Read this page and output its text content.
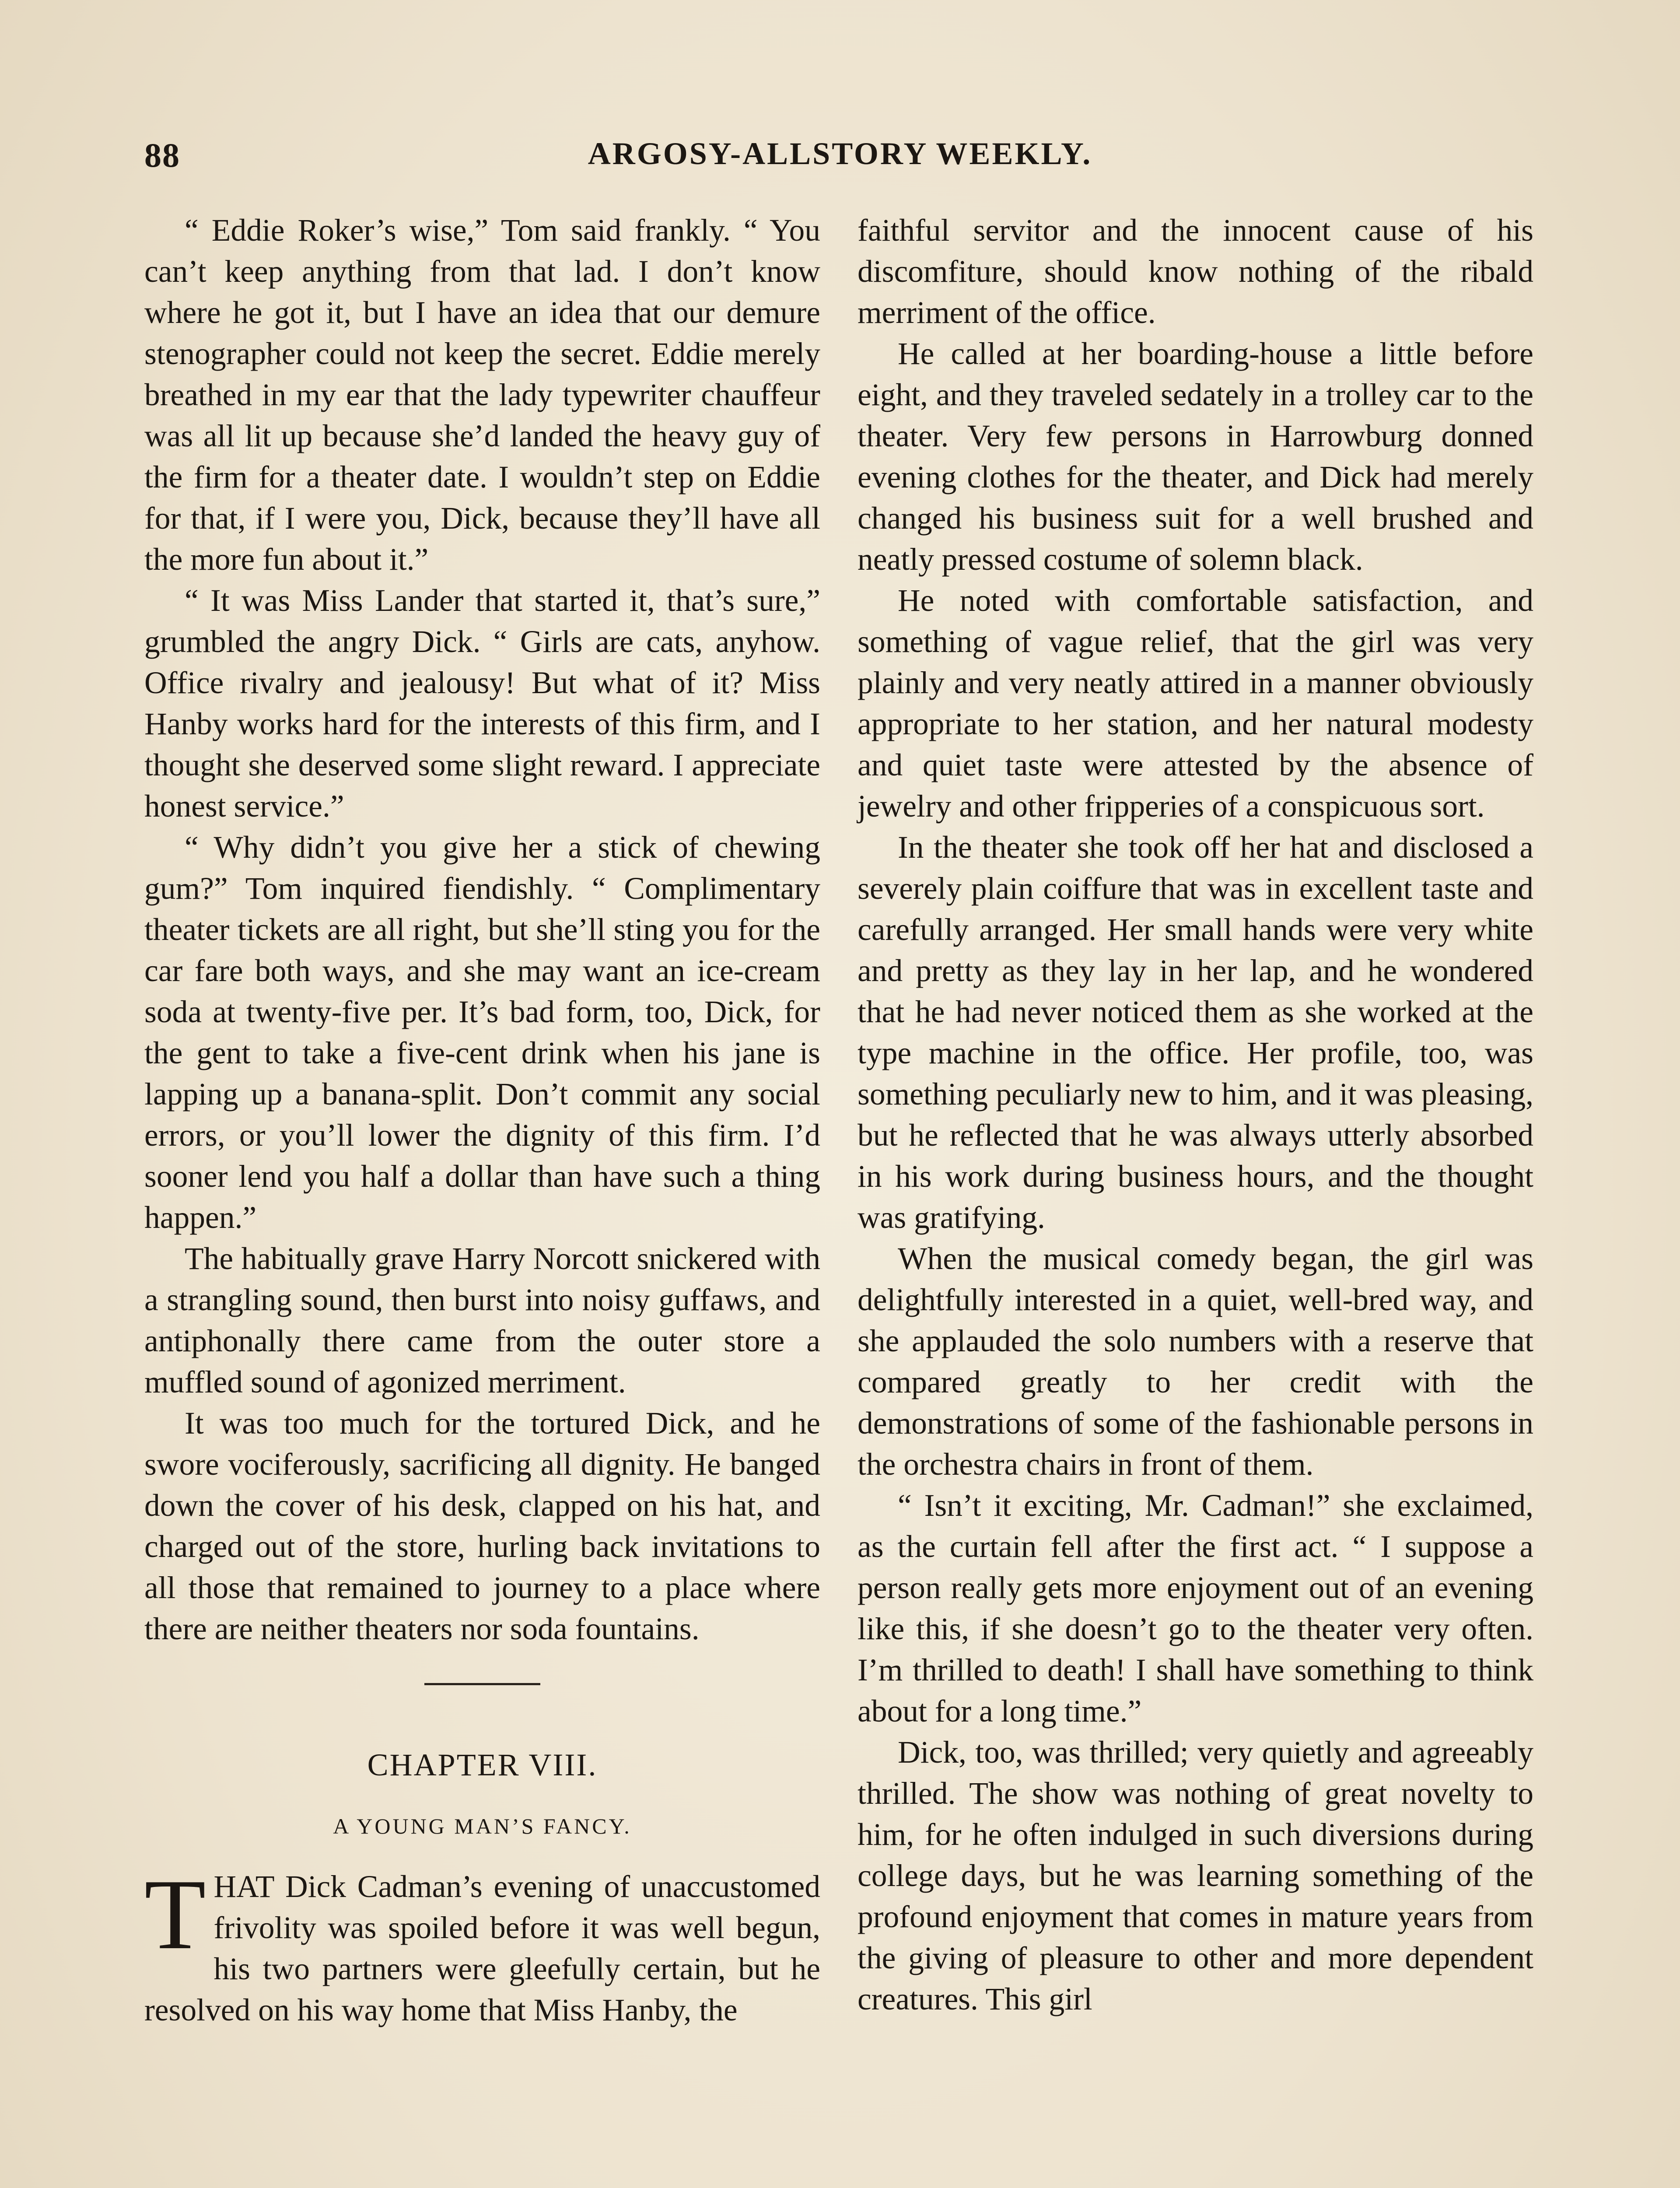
88	ARGOSY-ALLSTORY WEEKLY.

“ Eddie Roker’s wise,” Tom said frankly. “ You can’t keep anything from that lad. I don’t know where he got it, but I have an idea that our demure stenographer could not keep the secret. Eddie merely breathed in my ear that the lady typewriter chauffeur was all lit up because she’d landed the heavy guy of the firm for a theater date. I wouldn’t step on Eddie for that, if I were you, Dick, because they’ll have all the more fun about it.”

“ It was Miss Lander that started it, that’s sure,” grumbled the angry Dick. “ Girls are cats, anyhow. Office rivalry and jealousy! But what of it? Miss Hanby works hard for the interests of this firm, and I thought she deserved some slight reward. I appreciate honest service.”

“ Why didn’t you give her a stick of chewing gum?” Tom inquired fiendishly. “ Complimentary theater tickets are all right, but she’ll sting you for the car fare both ways, and she may want an ice-cream soda at twenty-five per. It’s bad form, too, Dick, for the gent to take a five-cent drink when his jane is lapping up a banana-split. Don’t commit any social errors, or you’ll lower the dignity of this firm. I’d sooner lend you half a dollar than have such a thing happen.”

The habitually grave Harry Norcott snickered with a strangling sound, then burst into noisy guffaws, and antiphonally there came from the outer store a muffled sound of agonized merriment.

It was too much for the tortured Dick, and he swore vociferously, sacrificing all dignity. He banged down the cover of his desk, clapped on his hat, and charged out of the store, hurling back invitations to all those that remained to journey to a place where there are neither theaters nor soda fountains.

CHAPTER VIII.
A YOUNG MAN’S FANCY.

THAT Dick Cadman’s evening of unaccustomed frivolity was spoiled before it was well begun, his two partners were gleefully certain, but he resolved on his way home that Miss Hanby, the

faithful servitor and the innocent cause of his discomfiture, should know nothing of the ribald merriment of the office.

He called at her boarding-house a little before eight, and they traveled sedately in a trolley car to the theater. Very few persons in Harrowburg donned evening clothes for the theater, and Dick had merely changed his business suit for a well brushed and neatly pressed costume of solemn black.

He noted with comfortable satisfaction, and something of vague relief, that the girl was very plainly and very neatly attired in a manner obviously appropriate to her station, and her natural modesty and quiet taste were attested by the absence of jewelry and other fripperies of a conspicuous sort.

In the theater she took off her hat and disclosed a severely plain coiffure that was in excellent taste and carefully arranged. Her small hands were very white and pretty as they lay in her lap, and he wondered that he had never noticed them as she worked at the type machine in the office. Her profile, too, was something peculiarly new to him, and it was pleasing, but he reflected that he was always utterly absorbed in his work during business hours, and the thought was gratifying.

When the musical comedy began, the girl was delightfully interested in a quiet, well-bred way, and she applauded the solo numbers with a reserve that compared greatly to her credit with the demonstrations of some of the fashionable persons in the orchestra chairs in front of them.

“ Isn’t it exciting, Mr. Cadman!” she exclaimed, as the curtain fell after the first act. “ I suppose a person really gets more enjoyment out of an evening like this, if she doesn’t go to the theater very often. I’m thrilled to death! I shall have something to think about for a long time.”

Dick, too, was thrilled; very quietly and agreeably thrilled. The show was nothing of great novelty to him, for he often indulged in such diversions during college days, but he was learning something of the profound enjoyment that comes in mature years from the giving of pleasure to other and more dependent creatures. This girl
